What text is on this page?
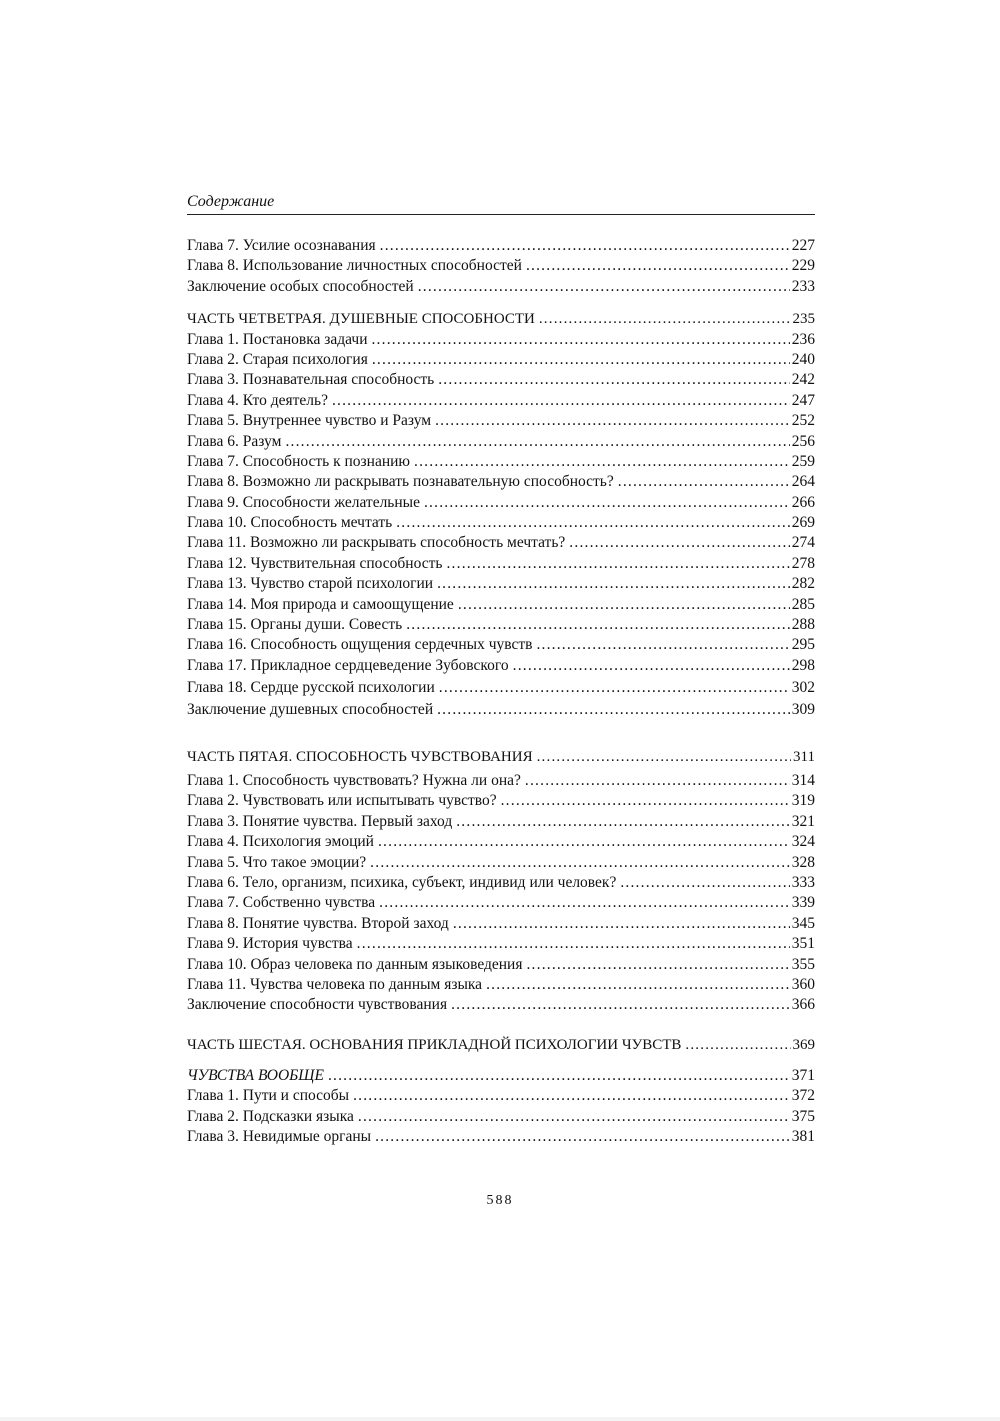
Содержание
Глава 7. Усилие осознавания .....	227
Глава 8. Использование личностных способностей .....	229
Заключение особых способностей .....	233
ЧАСТЬ ЧЕТВЕТРАЯ. ДУШЕВНЫЕ СПОСОБНОСТИ .....	235
Глава 1. Постановка задачи .....	236
Глава 2. Старая психология .....	240
Глава 3. Познавательная способность .....	242
Глава 4. Кто деятель? .....	247
Глава 5. Внутреннее чувство и Разум .....	252
Глава 6. Разум .....	256
Глава 7. Способность к познанию .....	259
Глава 8. Возможно ли раскрывать познавательную способность? .....	264
Глава 9. Способности желательные .....	266
Глава 10. Способность мечтать .....	269
Глава 11. Возможно ли раскрывать способность мечтать? .....	274
Глава 12. Чувствительная способность .....	278
Глава 13. Чувство старой психологии .....	282
Глава 14. Моя природа и самоощущение .....	285
Глава 15. Органы души. Совесть .....	288
Глава 16. Способность ощущения сердечных чувств .....	295
Глава 17. Прикладное сердцеведение Зубовского .....	298
Глава 18. Сердце русской психологии .....	302
Заключение душевных способностей .....	309
ЧАСТЬ ПЯТАЯ. СПОСОБНОСТЬ ЧУВСТВОВАНИЯ .....	311
Глава 1. Способность чувствовать? Нужна ли она? .....	314
Глава 2. Чувствовать или испытывать чувство? .....	319
Глава 3. Понятие чувства. Первый заход .....	321
Глава 4. Психология эмоций .....	324
Глава 5. Что такое эмоции? .....	328
Глава 6. Тело, организм, психика, субъект, индивид или человек? .....	333
Глава 7. Собственно чувства .....	339
Глава 8. Понятие чувства. Второй заход .....	345
Глава 9. История чувства .....	351
Глава 10. Образ человека по данным языковедения .....	355
Глава 11. Чувства человека по данным языка .....	360
Заключение способности чувствования .....	366
ЧАСТЬ ШЕСТАЯ. ОСНОВАНИЯ ПРИКЛАДНОЙ ПСИХОЛОГИИ ЧУВСТВ .....	369
ЧУВСТВА ВООБЩЕ .....	371
Глава 1. Пути и способы .....	372
Глава 2. Подсказки языка .....	375
Глава 3. Невидимые органы .....	381
588
